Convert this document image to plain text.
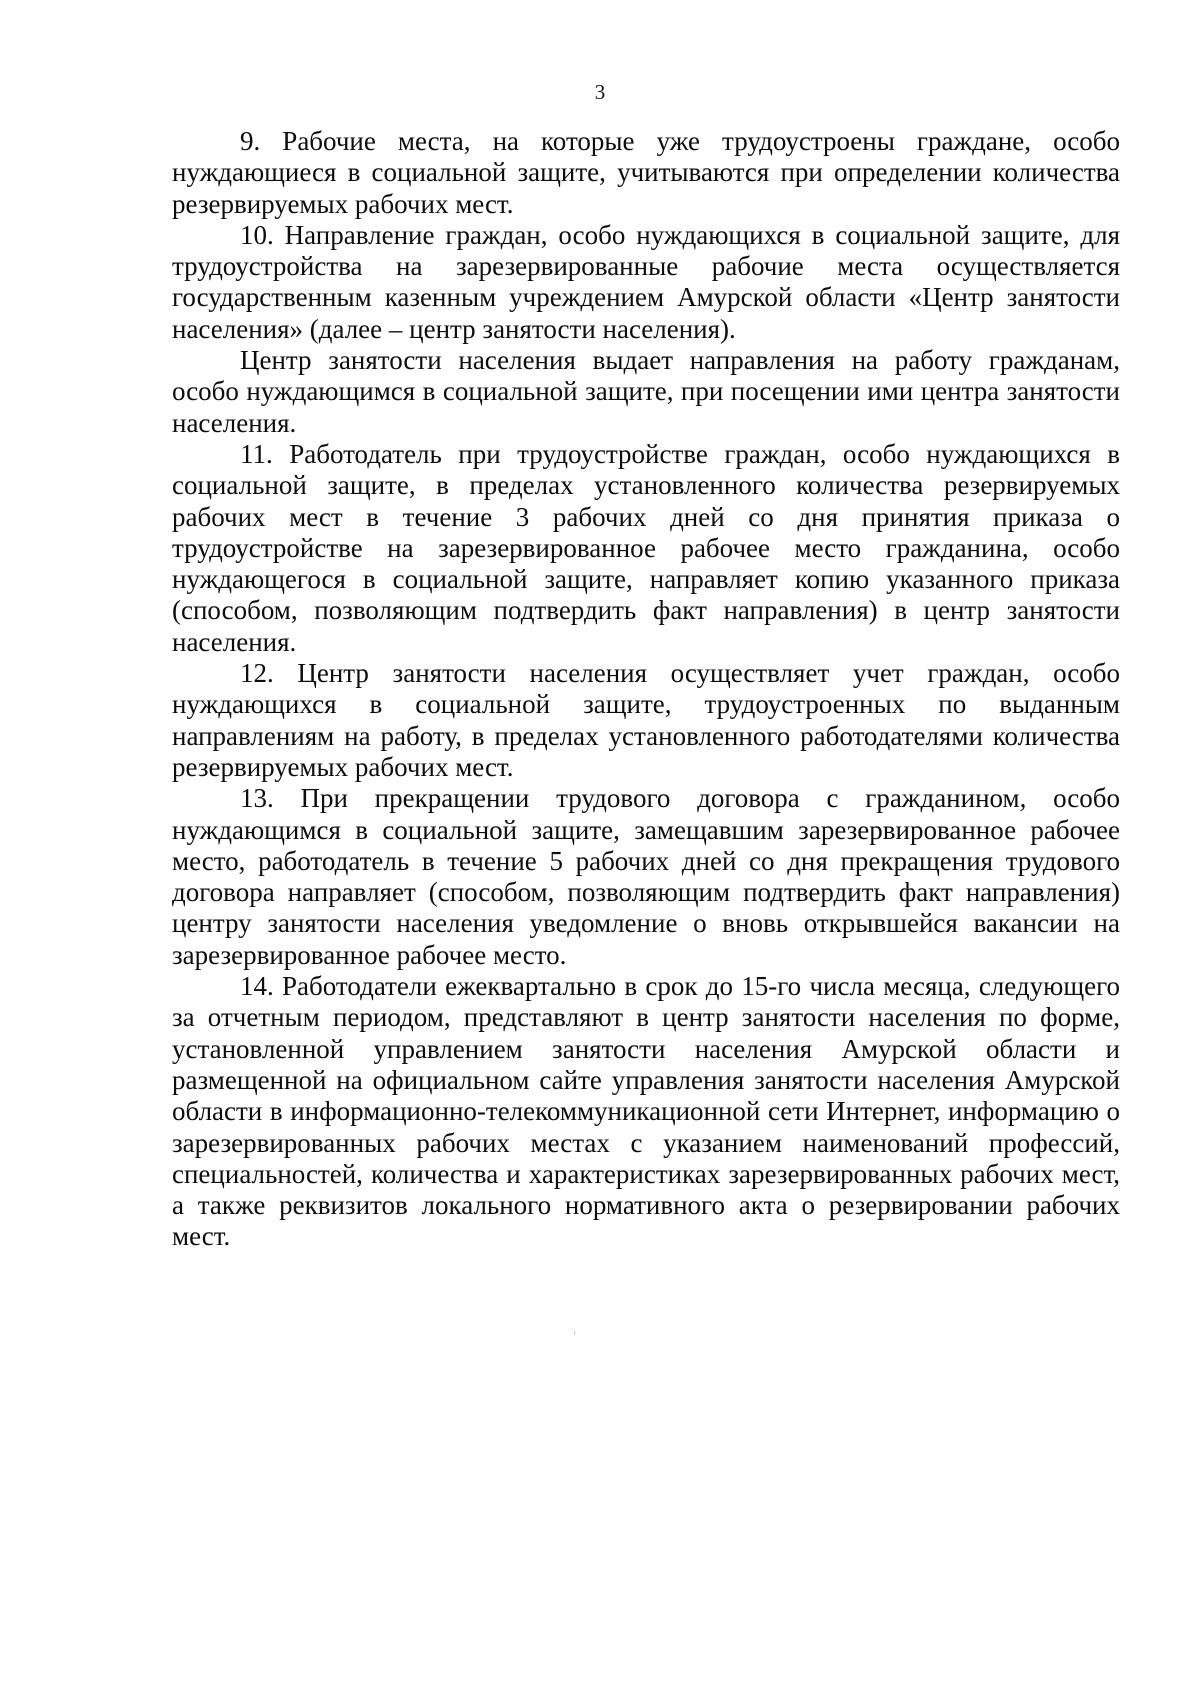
3

9. Рабочие места, на которые уже трудоустроены граждане, особо нуждающиеся в социальной защите, учитываются при определении количества резервируемых рабочих мест.

10. Направление граждан, особо нуждающихся в социальной защите, для трудоустройства на зарезервированные рабочие места осуществляется государственным казенным учреждением Амурской области «Центр занятости населения» (далее – центр занятости населения).

Центр занятости населения выдает направления на работу гражданам, особо нуждающимся в социальной защите, при посещении ими центра занятости населения.

11. Работодатель при трудоустройстве граждан, особо нуждающихся в социальной защите, в пределах установленного количества резервируемых рабочих мест в течение 3 рабочих дней со дня принятия приказа о трудоустройстве на зарезервированное рабочее место гражданина, особо нуждающегося в социальной защите, направляет копию указанного приказа (способом, позволяющим подтвердить факт направления) в центр занятости населения.

12. Центр занятости населения осуществляет учет граждан, особо нуждающихся в социальной защите, трудоустроенных по выданным направлениям на работу, в пределах установленного работодателями количества резервируемых рабочих мест.

13. При прекращении трудового договора с гражданином, особо нуждающимся в социальной защите, замещавшим зарезервированное рабочее место, работодатель в течение 5 рабочих дней со дня прекращения трудового договора направляет (способом, позволяющим подтвердить факт направления) центру занятости населения уведомление о вновь открывшейся вакансии на зарезервированное рабочее место.

14. Работодатели ежеквартально в срок до 15-го числа месяца, следующего за отчетным периодом, представляют в центр занятости населения по форме, установленной управлением занятости населения Амурской области и размещенной на официальном сайте управления занятости населения Амурской области в информационно-телекоммуникационной сети Интернет, информацию о зарезервированных рабочих местах с указанием наименований профессий, специальностей, количества и характеристиках зарезервированных рабочих мест, а также реквизитов локального нормативного акта о резервировании рабочих мест.
